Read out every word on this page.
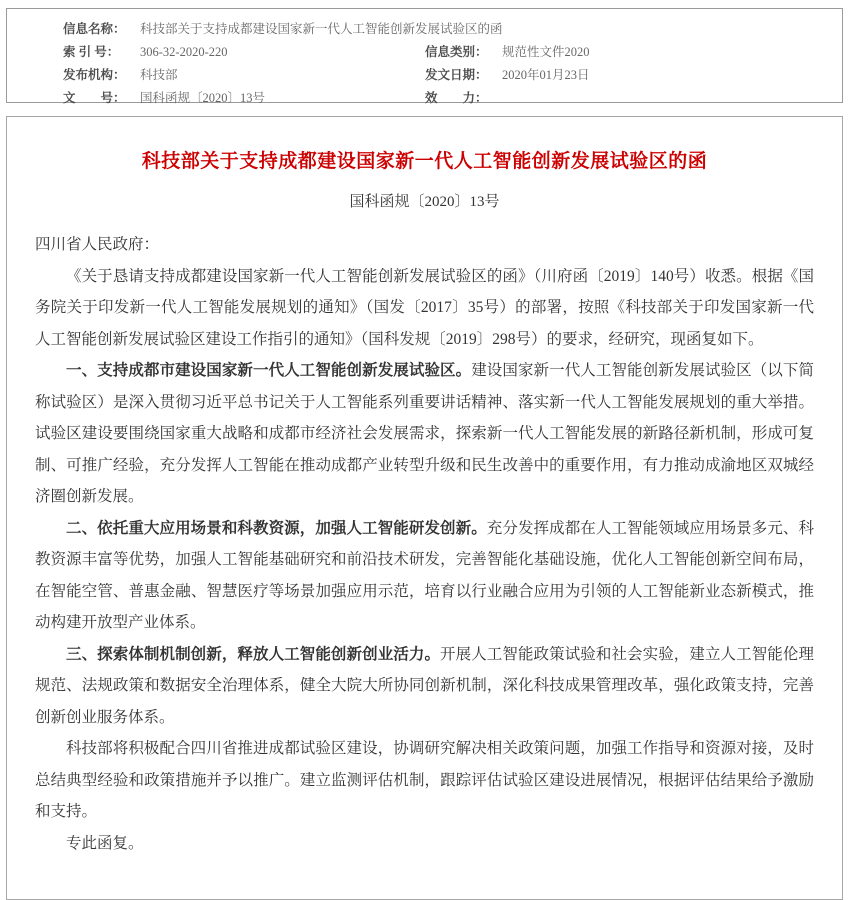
信息名称：	科技部关于支持成都建设国家新一代人工智能创新发展试验区的函
索 引 号：	306-32-2020-220	信息类别：	规范性文件2020
发布机构：	科技部	发文日期：	2020年01月23日
文　　号：	国科函规〔2020〕13号	效　　力：
科技部关于支持成都建设国家新一代人工智能创新发展试验区的函
国科函规〔2020〕13号

四川省人民政府：

《关于恳请支持成都建设国家新一代人工智能创新发展试验区的函》（川府函〔2019〕140号）收悉。根据《国务院关于印发新一代人工智能发展规划的通知》（国发〔2017〕35号）的部署，按照《科技部关于印发国家新一代人工智能创新发展试验区建设工作指引的通知》（国科发规〔2019〕298号）的要求，经研究，现函复如下。

一、支持成都市建设国家新一代人工智能创新发展试验区。建设国家新一代人工智能创新发展试验区（以下简称试验区）是深入贯彻习近平总书记关于人工智能系列重要讲话精神、落实新一代人工智能发展规划的重大举措。试验区建设要围绕国家重大战略和成都市经济社会发展需求，探索新一代人工智能发展的新路径新机制，形成可复制、可推广经验，充分发挥人工智能在推动成都产业转型升级和民生改善中的重要作用，有力推动成渝地区双城经济圈创新发展。

二、依托重大应用场景和科教资源，加强人工智能研发创新。充分发挥成都在人工智能领域应用场景多元、科教资源丰富等优势，加强人工智能基础研究和前沿技术研发，完善智能化基础设施，优化人工智能创新空间布局，在智能空管、普惠金融、智慧医疗等场景加强应用示范，培育以行业融合应用为引领的人工智能新业态新模式，推动构建开放型产业体系。

三、探索体制机制创新，释放人工智能创新创业活力。开展人工智能政策试验和社会实验，建立人工智能伦理规范、法规政策和数据安全治理体系，健全大院大所协同创新机制，深化科技成果管理改革，强化政策支持，完善创新创业服务体系。

科技部将积极配合四川省推进成都试验区建设，协调研究解决相关政策问题，加强工作指导和资源对接，及时总结典型经验和政策措施并予以推广。建立监测评估机制，跟踪评估试验区建设进展情况，根据评估结果给予激励和支持。

专此函复。
